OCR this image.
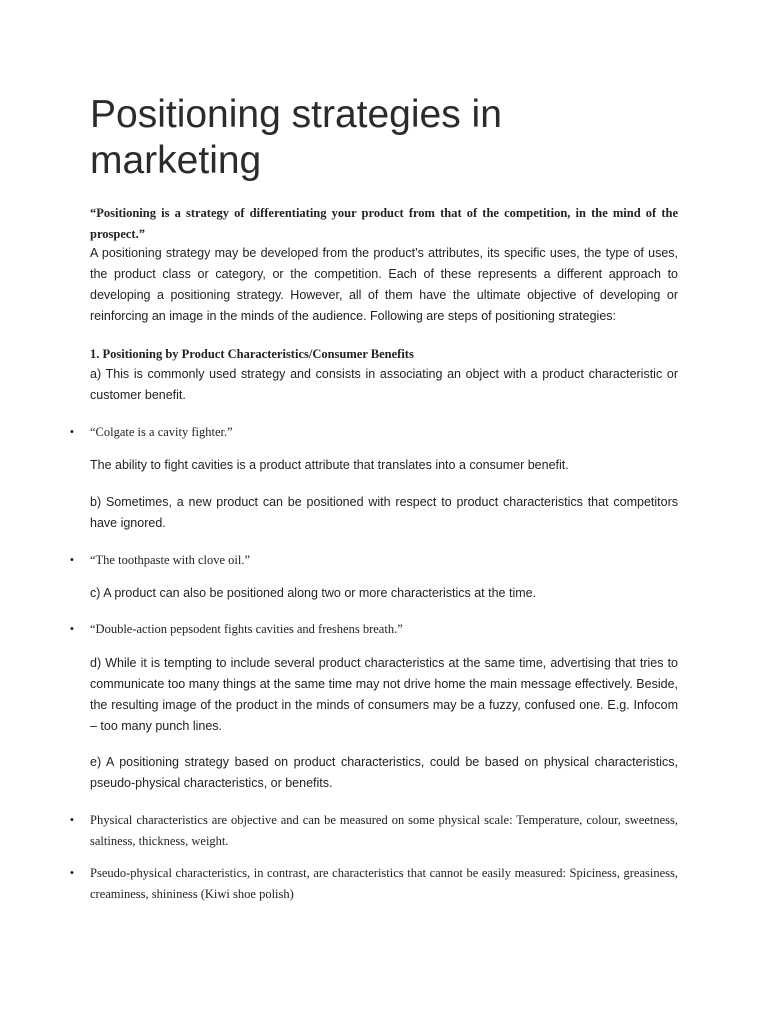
Positioning strategies in marketing

“Positioning is a strategy of differentiating your product from that of the competition, in the mind of the prospect.”

A positioning strategy may be developed from the product’s attributes, its specific uses, the type of uses, the product class or category, or the competition. Each of these represents a different approach to developing a positioning strategy. However, all of them have the ultimate objective of developing or reinforcing an image in the minds of the audience. Following are steps of positioning strategies:

1. Positioning by Product Characteristics/Consumer Benefits

a) This is commonly used strategy and consists in associating an object with a product characteristic or customer benefit.

•	“Colgate is a cavity fighter.”

The ability to fight cavities is a product attribute that translates into a consumer benefit.

b) Sometimes, a new product can be positioned with respect to product characteristics that competitors have ignored.

•	“The toothpaste with clove oil.”

c) A product can also be positioned along two or more characteristics at the time.

•	“Double-action pepsodent fights cavities and freshens breath.”

d) While it is tempting to include several product characteristics at the same time, advertising that tries to communicate too many things at the same time may not drive home the main message effectively. Beside, the resulting image of the product in the minds of consumers may be a fuzzy, confused one. E.g. Infocom – too many punch lines.

e) A positioning strategy based on product characteristics, could be based on physical characteristics, pseudo-physical characteristics, or benefits.

•	Physical characteristics are objective and can be measured on some physical scale: Temperature, colour, sweetness, saltiness, thickness, weight.
•	Pseudo-physical characteristics, in contrast, are characteristics that cannot be easily measured: Spiciness, greasiness, creaminess, shininess (Kiwi shoe polish)
